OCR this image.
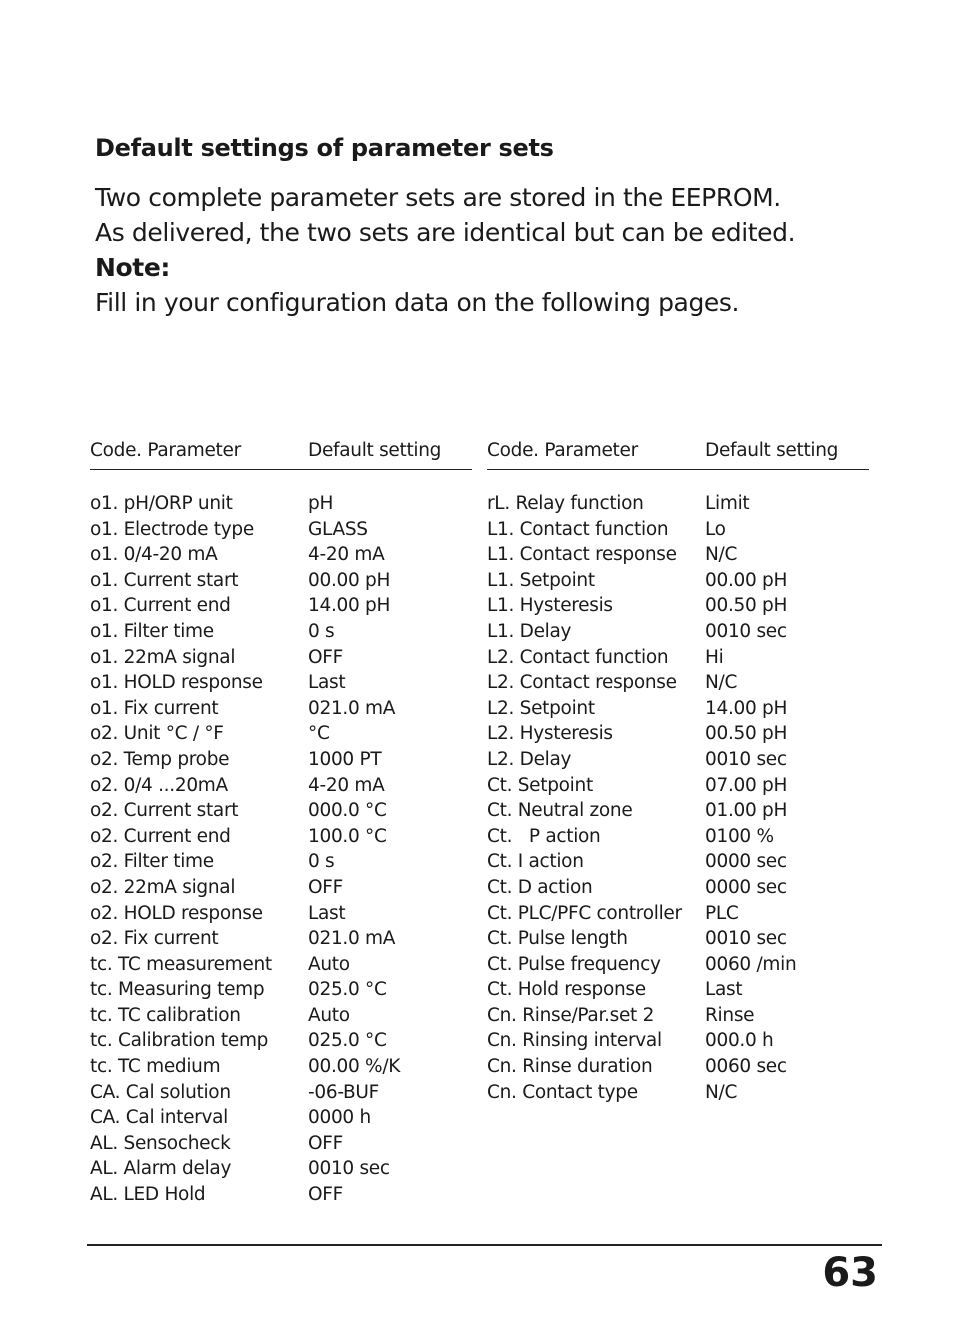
Default settings of parameter sets
Two complete parameter sets are stored in the EEPROM.
As delivered, the two sets are identical but can be edited.
Note:
Fill in your configuration data on the following pages.
Code. Parameter	Default setting
o1. pH/ORP unit	pH
o1. Electrode type	GLASS
o1. 0/4-20 mA	4-20 mA
o1. Current start	00.00 pH
o1. Current end	14.00 pH
o1. Filter time	0 s
o1. 22mA signal	OFF
o1. HOLD response Last
o1. Fix current	021.0 mA
o2. Unit °C / °F	°C
o2. Temp probe	1000 PT
o2. 0/4 ...20mA	4-20 mA
o2. Current start	000.0 °C
o2. Current end	100.0 °C
o2. Filter time	0 s
o2. 22mA signal	OFF
o2. HOLD response Last
o2. Fix current	021.0 mA
tc. TC measurement Auto
tc. Measuring temp 025.0 °C
tc. TC calibration	Auto
tc. Calibration temp 025.0 °C
tc. TC medium	00.00 %/K
CA. Cal solution	-06-BUF
CA. Cal interval	0000 h
AL. Sensocheck	OFF
AL. Alarm delay	0010 sec
AL. LED Hold	OFF
Code. Parameter	Default setting
rL. Relay function	Limit
L1. Contact function Lo
L1. Contact response N/C
L1. Setpoint	00.00 pH
L1. Hysteresis	00.50 pH
L1. Delay	0010 sec
L2. Contact function Hi
L2. Contact response N/C
L2. Setpoint	14.00 pH
L2. Hysteresis	00.50 pH
L2. Delay	0010 sec
Ct. Setpoint	07.00 pH
Ct. Neutral zone	01.00 pH
Ct.   P action	0100 %
Ct. I action	0000 sec
Ct. D action	0000 sec
Ct. PLC/PFC controller PLC
Ct. Pulse length	0010 sec
Ct. Pulse frequency 0060 /min
Ct. Hold response	Last
Cn. Rinse/Par.set 2	Rinse
Cn. Rinsing interval 000.0 h
Cn. Rinse duration	0060 sec
Cn. Contact type	N/C
63
